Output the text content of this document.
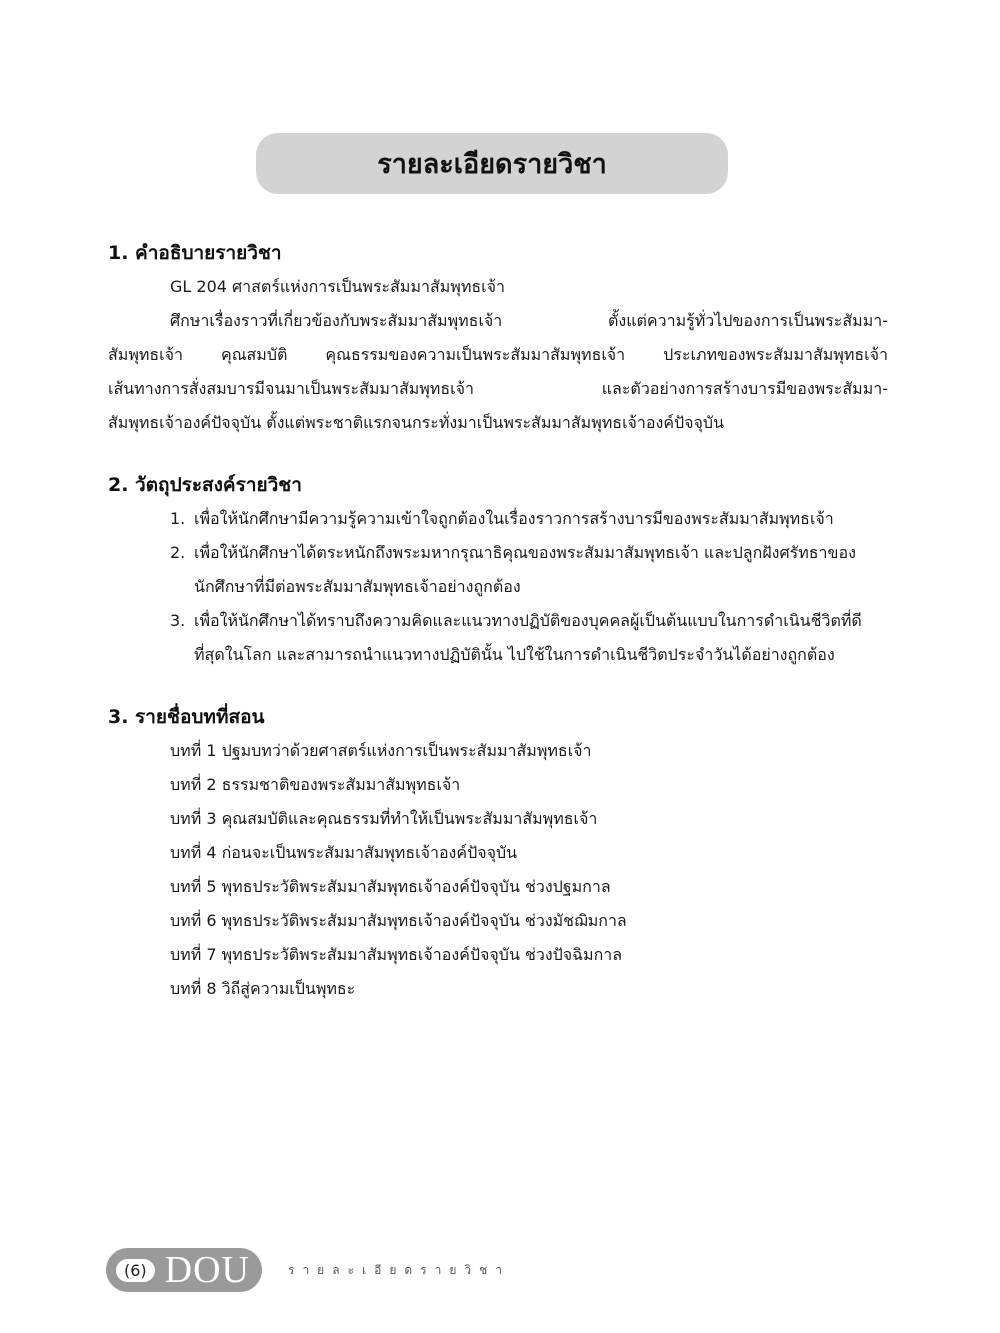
รายละเอียดรายวิชา
1. คำอธิบายรายวิชา
GL 204 ศาสตร์แห่งการเป็นพระสัมมาสัมพุทธเจ้า
ศึกษาเรื่องราวที่เกี่ยวข้องกับพระสัมมาสัมพุทธเจ้า ตั้งแต่ความรู้ทั่วไปของการเป็นพระสัมมา-
สัมพุทธเจ้า คุณสมบัติ คุณธรรมของความเป็นพระสัมมาสัมพุทธเจ้า ประเภทของพระสัมมาสัมพุทธเจ้า
เส้นทางการสั่งสมบารมีจนมาเป็นพระสัมมาสัมพุทธเจ้า และตัวอย่างการสร้างบารมีของพระสัมมา-
สัมพุทธเจ้าองค์ปัจจุบัน ตั้งแต่พระชาติแรกจนกระทั่งมาเป็นพระสัมมาสัมพุทธเจ้าองค์ปัจจุบัน
2. วัตถุประสงค์รายวิชา
1. เพื่อให้นักศึกษามีความรู้ความเข้าใจถูกต้องในเรื่องราวการสร้างบารมีของพระสัมมาสัมพุทธเจ้า
2. เพื่อให้นักศึกษาได้ตระหนักถึงพระมหากรุณาธิคุณของพระสัมมาสัมพุทธเจ้า และปลูกฝังศรัทธาของนักศึกษาที่มีต่อพระสัมมาสัมพุทธเจ้าอย่างถูกต้อง
3. เพื่อให้นักศึกษาได้ทราบถึงความคิดและแนวทางปฏิบัติของบุคคลผู้เป็นต้นแบบในการดำเนินชีวิตที่ดีที่สุดในโลก และสามารถนำแนวทางปฏิบัตินั้น ไปใช้ในการดำเนินชีวิตประจำวันได้อย่างถูกต้อง
3. รายชื่อบทที่สอน
บทที่ 1 ปฐมบทว่าด้วยศาสตร์แห่งการเป็นพระสัมมาสัมพุทธเจ้า
บทที่ 2 ธรรมชาติของพระสัมมาสัมพุทธเจ้า
บทที่ 3 คุณสมบัติและคุณธรรมที่ทำให้เป็นพระสัมมาสัมพุทธเจ้า
บทที่ 4 ก่อนจะเป็นพระสัมมาสัมพุทธเจ้าองค์ปัจจุบัน
บทที่ 5 พุทธประวัติพระสัมมาสัมพุทธเจ้าองค์ปัจจุบัน ช่วงปฐมกาล
บทที่ 6 พุทธประวัติพระสัมมาสัมพุทธเจ้าองค์ปัจจุบัน ช่วงมัชฌิมกาล
บทที่ 7 พุทธประวัติพระสัมมาสัมพุทธเจ้าองค์ปัจจุบัน ช่วงปัจฉิมกาล
บทที่ 8 วิถีสู่ความเป็นพุทธะ
(6) DOU	รายละเอียดรายวิชา
